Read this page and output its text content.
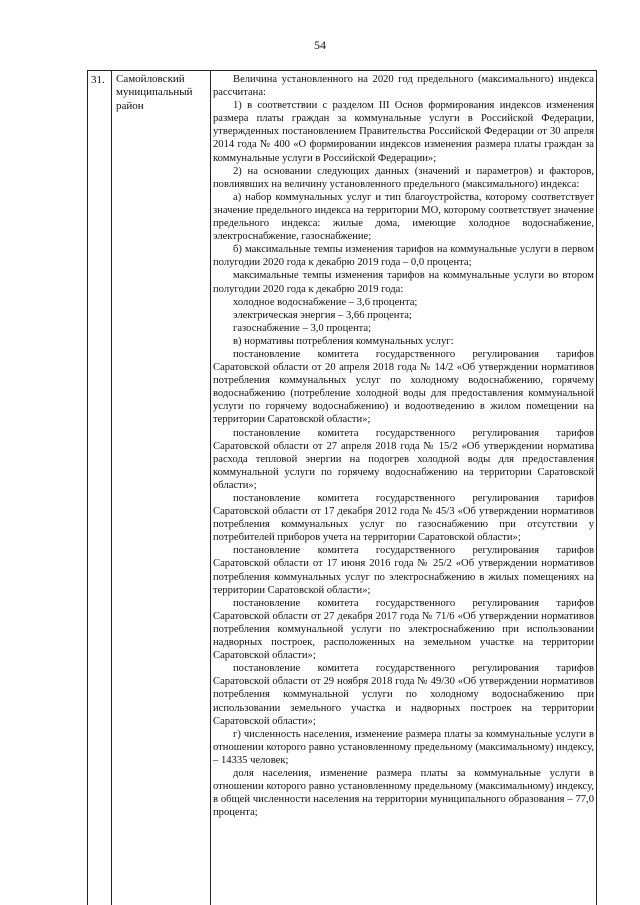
54
31.	Самойловский
муниципальный
район

Величина установленного на 2020 год предельного (максимального) индекса рассчитана:

1) в соответствии с разделом III Основ формирования индексов изменения размера платы граждан за коммунальные услуги в Российской Федерации, утвержденных постановлением Правительства Российской Федерации от 30 апреля 2014 года № 400 «О формировании индексов изменения размера платы граждан за коммунальные услуги в Российской Федерации»;

2) на основании следующих данных (значений и параметров) и факторов, повлиявших на величину установленного предельного (максимального) индекса:

а) набор коммунальных услуг и тип благоустройства, которому соответствует значение предельного индекса на территории МО, которому соответствует значение предельного индекса: жилые дома, имеющие холодное водоснабжение, электроснабжение, газоснабжение;

б) максимальные темпы изменения тарифов на коммунальные услуги в первом полугодии 2020 года к декабрю 2019 года – 0,0 процента;

максимальные темпы изменения тарифов на коммунальные услуги во втором полугодии 2020 года к декабрю 2019 года:

холодное водоснабжение – 3,6 процента;

электрическая энергия – 3,66 процента;

газоснабжение – 3,0 процента;

в) нормативы потребления коммунальных услуг:

постановление комитета государственного регулирования тарифов Саратовской области от 20 апреля 2018 года № 14/2 «Об утверждении нормативов потребления коммунальных услуг по холодному водоснабжению, горячему водоснабжению (потребление холодной воды для предоставления коммунальной услуги по горячему водоснабжению) и водоотведению в жилом помещении на территории Саратовской области»;

постановление комитета государственного регулирования тарифов Саратовской области от 27 апреля 2018 года № 15/2 «Об утверждении норматива расхода тепловой энергии на подогрев холодной воды для предоставления коммунальной услуги по горячему водоснабжению на территории Саратовской области»;

постановление комитета государственного регулирования тарифов Саратовской области от 17 декабря 2012 года № 45/3 «Об утверждении нормативов потребления коммунальных услуг по газоснабжению при отсутствии у потребителей приборов учета на территории Саратовской области»;

постановление комитета государственного регулирования тарифов Саратовской области от 17 июня 2016 года № 25/2 «Об утверждении нормативов потребления коммунальных услуг по электроснабжению в жилых помещениях на территории Саратовской области»;

постановление комитета государственного регулирования тарифов Саратовской области от 27 декабря 2017 года № 71/6 «Об утверждении нормативов потребления коммунальной услуги по электроснабжению при использовании надворных построек, расположенных на земельном участке на территории Саратовской области»;

постановление комитета государственного регулирования тарифов Саратовской области от 29 ноября 2018 года № 49/30 «Об утверждении нормативов потребления коммунальной услуги по холодному водоснабжению при использовании земельного участка и надворных построек на территории Саратовской области»;

г) численность населения, изменение размера платы за коммунальные услуги в отношении которого равно установленному предельному (максимальному) индексу, – 14335 человек;

доля населения, изменение размера платы за коммунальные услуги в отношении которого равно установленному предельному (максимальному) индексу, в общей численности населения на территории муниципального образования – 77,0 процента;
